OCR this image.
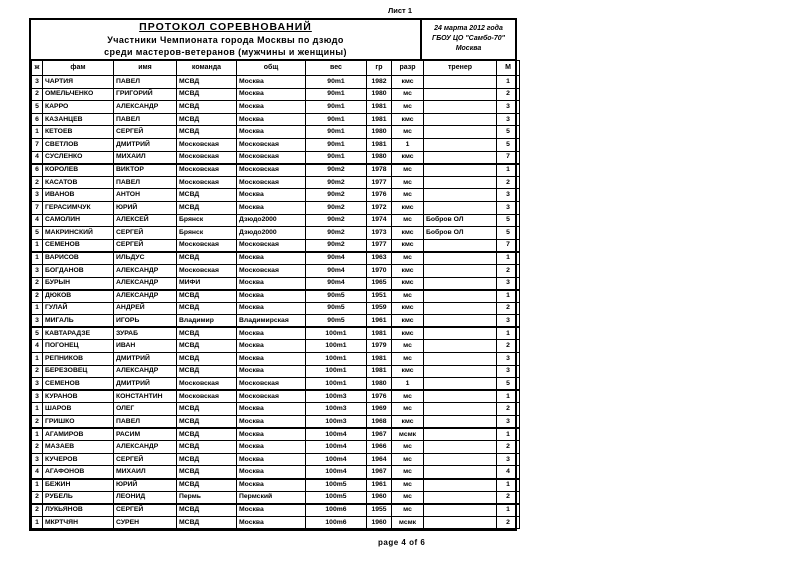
Лист 1
ПРОТОКОЛ СОРЕВНОВАНИЙ
Участники Чемпионата города Москвы по дзюдо
среди мастеров-ветеранов (мужчины и женщины)
24 марта 2012 года
ГБОУ ЦО "Самбо-70"
Москва
ж	фам	имя	команда	общ	вес	гр	разр	тренер	М
3	ЧАРТИЯ	ПАВЕЛ	МСВД	Москва	90m1	1982	кмс		1
2	ОМЕЛЬЧЕНКО	ГРИГОРИЙ	МСВД	Москва	90m1	1980	мс		2
5	КАРРО	АЛЕКСАНДР	МСВД	Москва	90m1	1981	мс		3
6	КАЗАНЦЕВ	ПАВЕЛ	МСВД	Москва	90m1	1981	кмс		3
1	КЕТОЕВ	СЕРГЕЙ	МСВД	Москва	90m1	1980	мс		5
7	СВЕТЛОВ	ДМИТРИЙ	Московская	Московская	90m1	1981	1		5
4	СУСЛЕНКО	МИХАИЛ	Московская	Московская	90m1	1980	кмс		7
6	КОРОЛЕВ	ВИКТОР	Московская	Московская	90m2	1978	мс		1
2	КАСАТОВ	ПАВЕЛ	Московская	Московская	90m2	1977	мс		2
3	ИВАНОВ	АНТОН	МСВД	Москва	90m2	1976	мс		3
7	ГЕРАСИМЧУК	ЮРИЙ	МСВД	Москва	90m2	1972	кмс		3
4	САМОЛИН	АЛЕКСЕЙ	Брянск	Дзюдо2000	90m2	1974	мс	Бобров ОЛ	5
5	МАКРИНСКИЙ	СЕРГЕЙ	Брянск	Дзюдо2000	90m2	1973	кмс	Бобров ОЛ	5
1	СЕМЕНОВ	СЕРГЕЙ	Московская	Московская	90m2	1977	кмс		7
1	ВАРИСОВ	ИЛЬДУС	МСВД	Москва	90m4	1963	мс		1
3	БОГДАНОВ	АЛЕКСАНДР	Московская	Московская	90m4	1970	кмс		2
2	БУРЫН	АЛЕКСАНДР	МИФИ	Москва	90m4	1965	кмс		3
2	ДЮКОВ	АЛЕКСАНДР	МСВД	Москва	90m5	1951	мс		1
1	ГУЛАЙ	АНДРЕЙ	МСВД	Москва	90m5	1959	кмс		2
3	МИГАЛЬ	ИГОРЬ	Владимир	Владимирская	90m5	1961	кмс		3
5	КАВТАРАДЗЕ	ЗУРАБ	МСВД	Москва	100m1	1981	кмс		1
4	ПОГОНЕЦ	ИВАН	МСВД	Москва	100m1	1979	мс		2
1	РЕПНИКОВ	ДМИТРИЙ	МСВД	Москва	100m1	1981	мс		3
2	БЕРЕЗОВЕЦ	АЛЕКСАНДР	МСВД	Москва	100m1	1981	кмс		3
3	СЕМЕНОВ	ДМИТРИЙ	Московская	Московская	100m1	1980	1		5
3	КУРАНОВ	КОНСТАНТИН	Московская	Московская	100m3	1976	мс		1
1	ШАРОВ	ОЛЕГ	МСВД	Москва	100m3	1969	мс		2
2	ГРИШКО	ПАВЕЛ	МСВД	Москва	100m3	1968	кмс		3
1	АГАМИРОВ	РАСИМ	МСВД	Москва	100m4	1967	мсмк		1
2	МАЗАЕВ	АЛЕКСАНДР	МСВД	Москва	100m4	1966	мс		2
3	КУЧЕРОВ	СЕРГЕЙ	МСВД	Москва	100m4	1964	мс		3
4	АГАФОНОВ	МИХАИЛ	МСВД	Москва	100m4	1967	мс		4
1	БЕЖИН	ЮРИЙ	МСВД	Москва	100m5	1961	мс		1
2	РУБЕЛЬ	ЛЕОНИД	Пермь	Пермский	100m5	1960	мс		2
2	ЛУКЬЯНОВ	СЕРГЕЙ	МСВД	Москва	100m6	1955	мс		1
1	МКРТЧЯН	СУРЕН	МСВД	Москва	100m6	1960	мсмк		2
page 4 of 6
